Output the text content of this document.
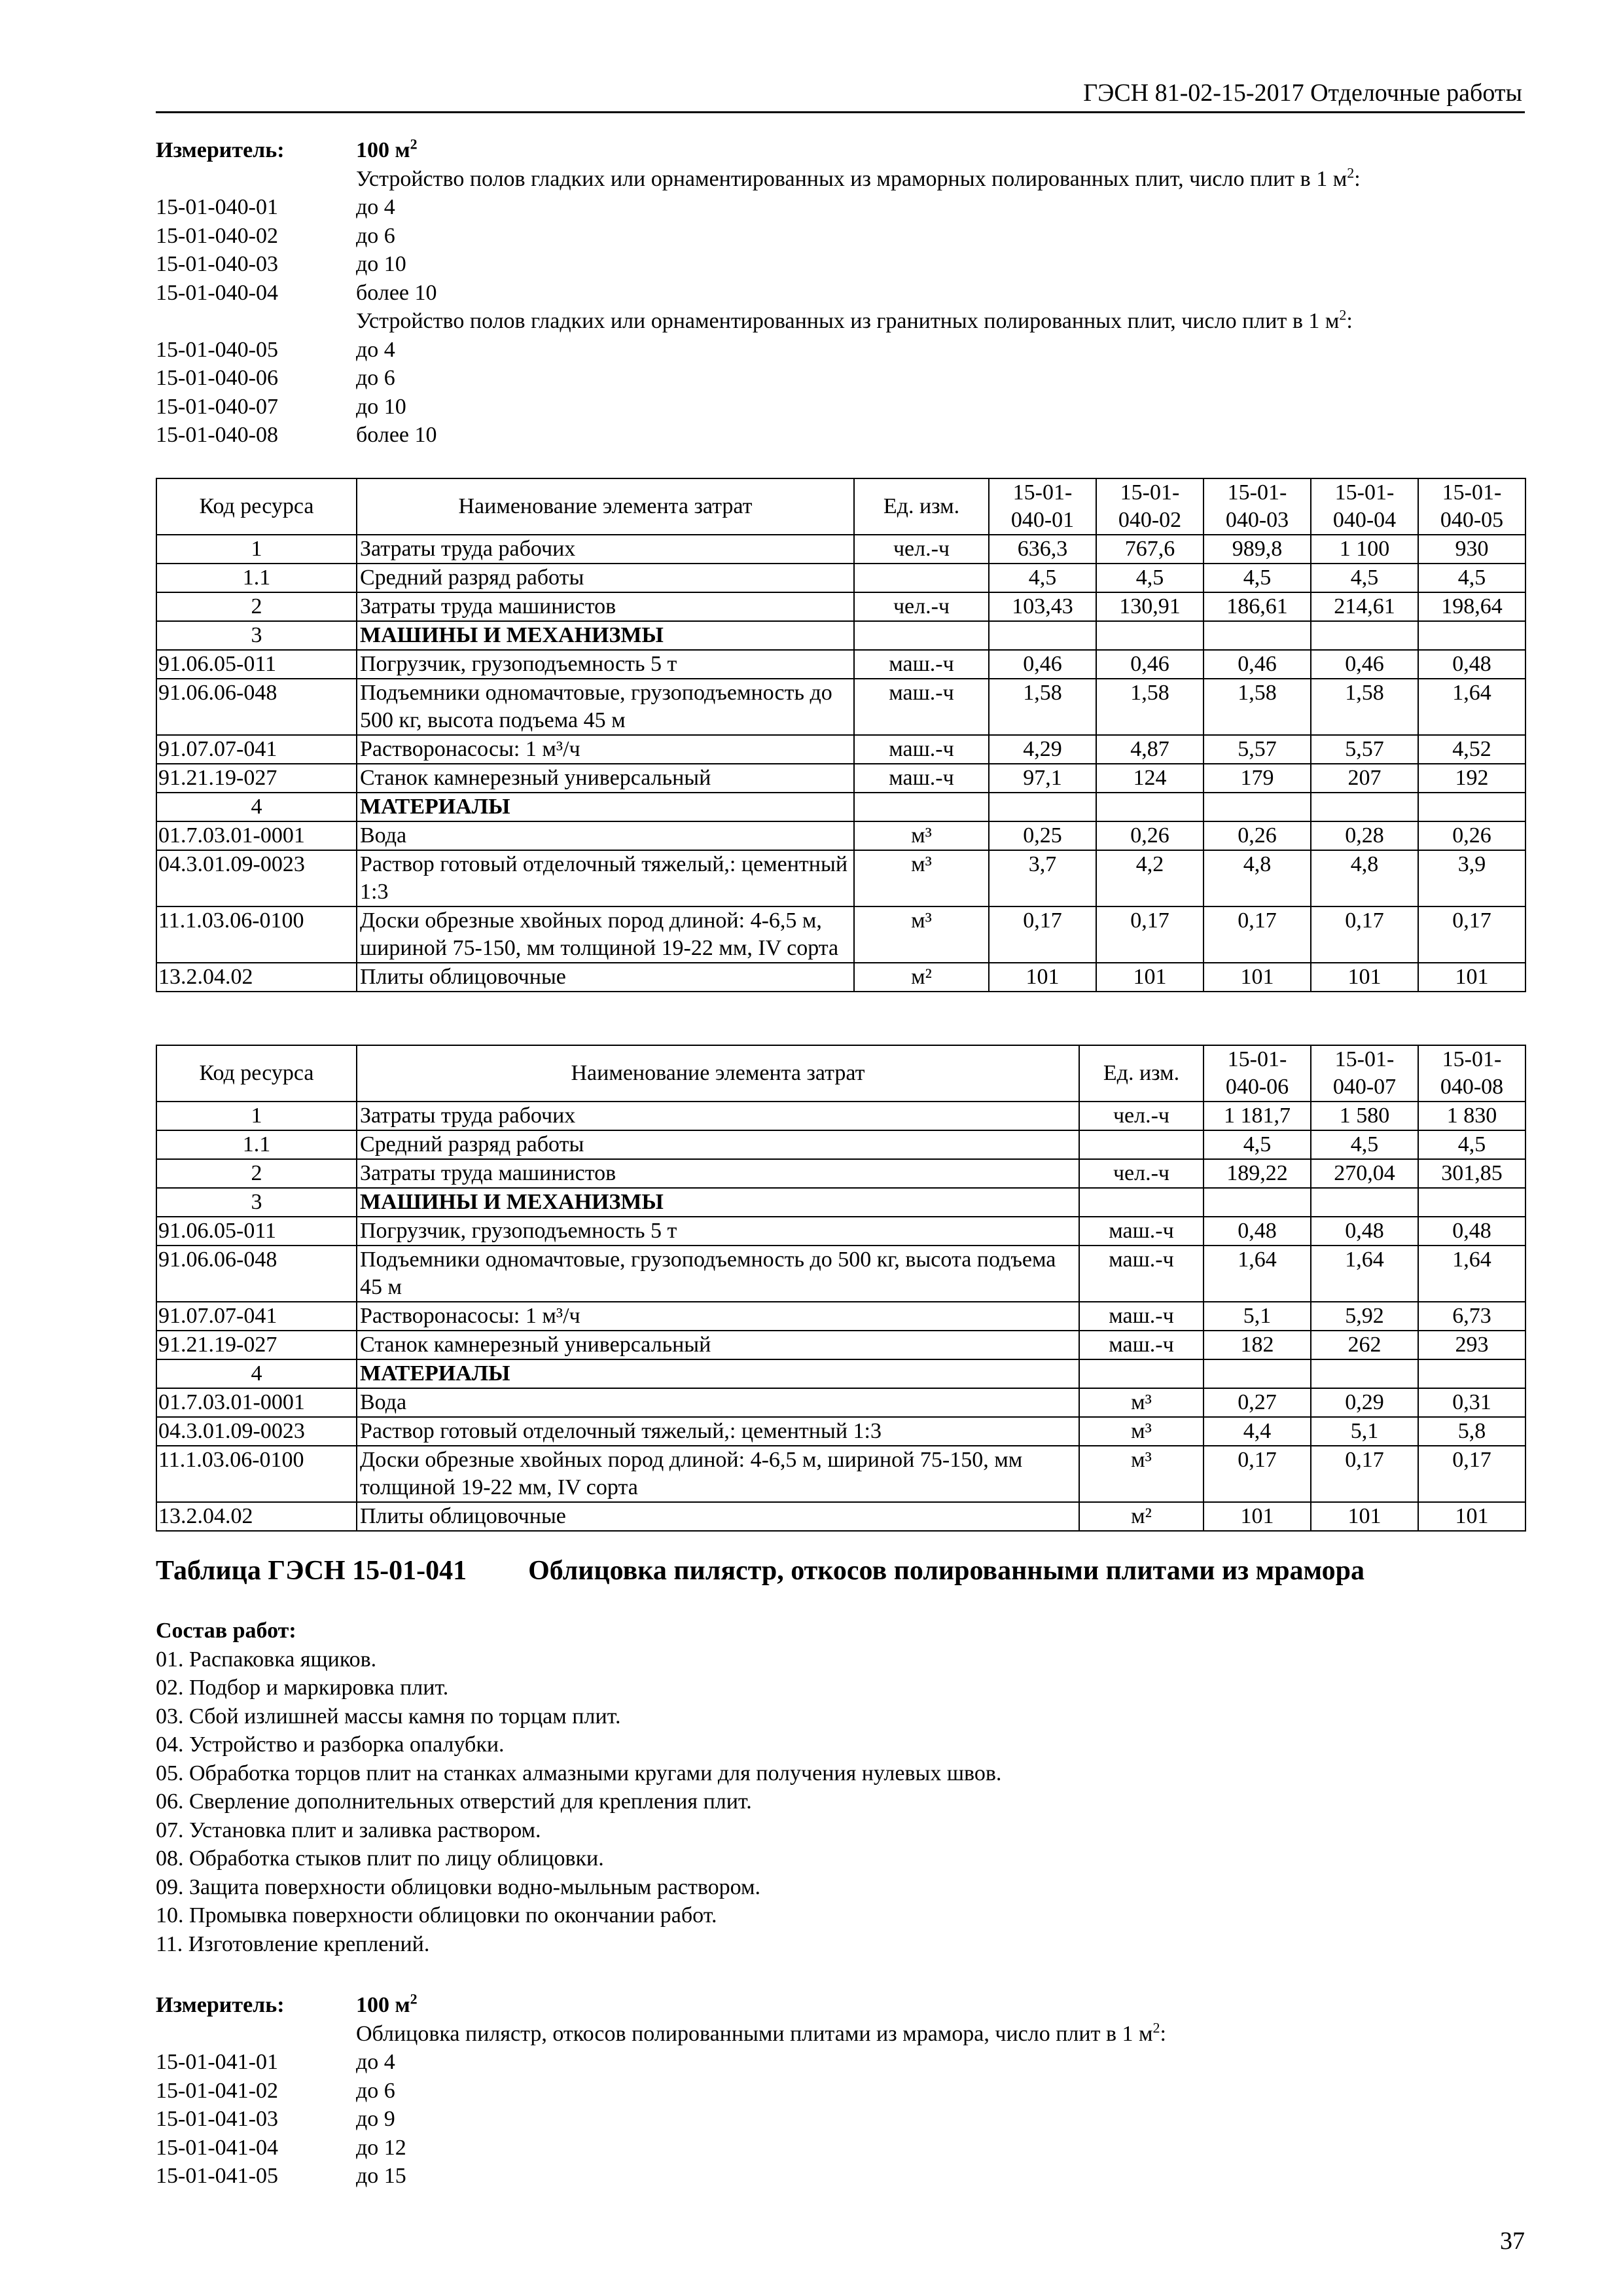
ГЭСН 81-02-15-2017 Отделочные работы
Измеритель:	100 $м^2$
Устройство полов гладких или орнаментированных из мраморных полированных плит, число плит в 1 $м^2$:
15-01-040-01	до 4
15-01-040-02	до 6
15-01-040-03	до 10
15-01-040-04	более 10
Устройство полов гладких или орнаментированных из гранитных полированных плит, число плит в 1 $м^2$:
15-01-040-05	до 4
15-01-040-06	до 6
15-01-040-07	до 10
15-01-040-08	более 10
Код ресурса	Наименование элемента затрат	Ед. изм.	15-01-040-01	15-01-040-02	15-01-040-03	15-01-040-04	15-01-040-05
1	Затраты труда рабочих	чел.-ч	636,3	767,6	989,8	1 100	930
1.1	Средний разряд работы		4,5	4,5	4,5	4,5	4,5
2	Затраты труда машинистов	чел.-ч	103,43	130,91	186,61	214,61	198,64
3	МАШИНЫ И МЕХАНИЗМЫ						
91.06.05-011	Погрузчик, грузоподъемность 5 т	маш.-ч	0,46	0,46	0,46	0,46	0,48
91.06.06-048	Подъемники одномачтовые, грузоподъемность до 500 кг, высота подъема 45 м	маш.-ч	1,58	1,58	1,58	1,58	1,64
91.07.07-041	Растворонасосы: 1 м³/ч	маш.-ч	4,29	4,87	5,57	5,57	4,52
91.21.19-027	Станок камнерезный универсальный	маш.-ч	97,1	124	179	207	192
4	МАТЕРИАЛЫ						
01.7.03.01-0001	Вода	м³	0,25	0,26	0,26	0,28	0,26
04.3.01.09-0023	Раствор готовый отделочный тяжелый,: цементный 1:3	м³	3,7	4,2	4,8	4,8	3,9
11.1.03.06-0100	Доски обрезные хвойных пород длиной: 4-6,5 м, шириной 75-150, мм толщиной 19-22 мм, IV сорта	м³	0,17	0,17	0,17	0,17	0,17
13.2.04.02	Плиты облицовочные	м²	101	101	101	101	101
Код ресурса	Наименование элемента затрат	Ед. изм.	15-01-040-06	15-01-040-07	15-01-040-08
1	Затраты труда рабочих	чел.-ч	1 181,7	1 580	1 830
1.1	Средний разряд работы		4,5	4,5	4,5
2	Затраты труда машинистов	чел.-ч	189,22	270,04	301,85
3	МАШИНЫ И МЕХАНИЗМЫ				
91.06.05-011	Погрузчик, грузоподъемность 5 т	маш.-ч	0,48	0,48	0,48
91.06.06-048	Подъемники одномачтовые, грузоподъемность до 500 кг, высота подъема 45 м	маш.-ч	1,64	1,64	1,64
91.07.07-041	Растворонасосы: 1 м³/ч	маш.-ч	5,1	5,92	6,73
91.21.19-027	Станок камнерезный универсальный	маш.-ч	182	262	293
4	МАТЕРИАЛЫ				
01.7.03.01-0001	Вода	м³	0,27	0,29	0,31
04.3.01.09-0023	Раствор готовый отделочный тяжелый,: цементный 1:3	м³	4,4	5,1	5,8
11.1.03.06-0100	Доски обрезные хвойных пород длиной: 4-6,5 м, шириной 75-150, мм толщиной 19-22 мм, IV сорта	м³	0,17	0,17	0,17
13.2.04.02	Плиты облицовочные	м²	101	101	101
Таблица ГЭСН 15-01-041 Облицовка пилястр, откосов полированными плитами из мрамора
Состав работ:
01. Распаковка ящиков.
02. Подбор и маркировка плит.
03. Сбой излишней массы камня по торцам плит.
04. Устройство и разборка опалубки.
05. Обработка торцов плит на станках алмазными кругами для получения нулевых швов.
06. Сверление дополнительных отверстий для крепления плит.
07. Установка плит и заливка раствором.
08. Обработка стыков плит по лицу облицовки.
09. Защита поверхности облицовки водно-мыльным раствором.
10. Промывка поверхности облицовки по окончании работ.
11. Изготовление креплений.
Измеритель:	100 $м^2$
Облицовка пилястр, откосов полированными плитами из мрамора, число плит в 1 $м^2$:
15-01-041-01	до 4
15-01-041-02	до 6
15-01-041-03	до 9
15-01-041-04	до 12
15-01-041-05	до 15
37
